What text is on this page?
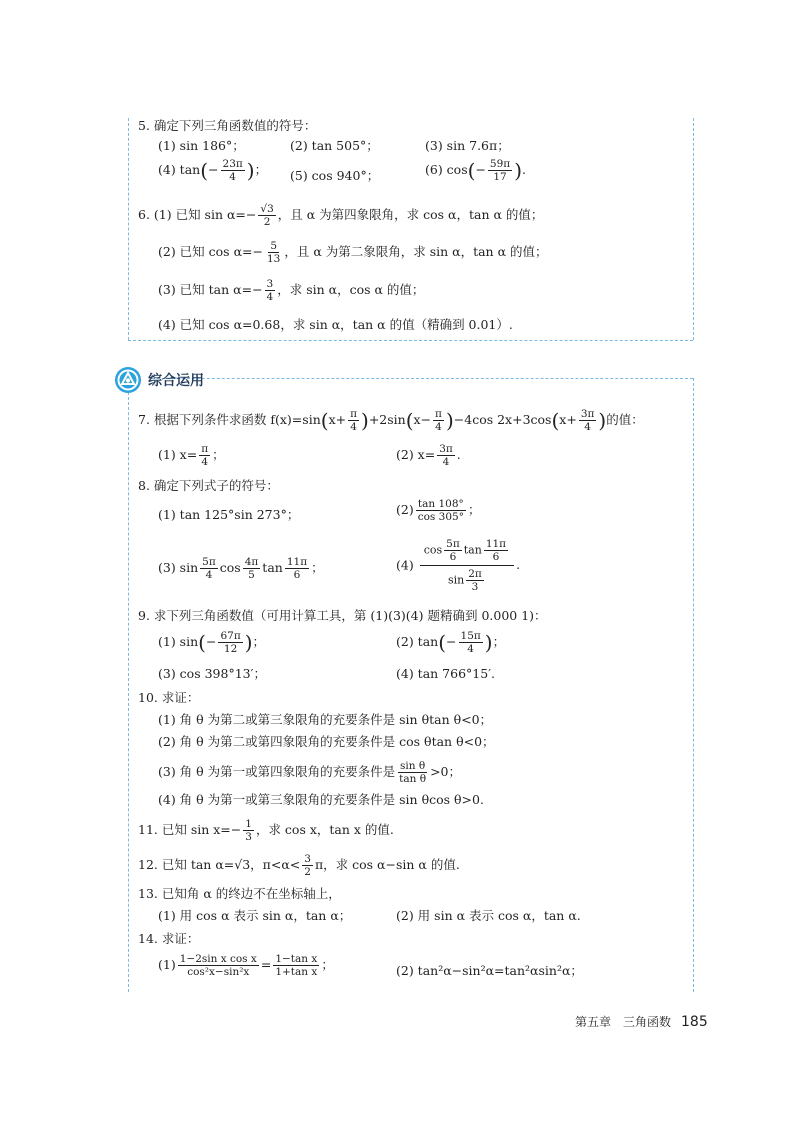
5. 确定下列三角函数值的符号：
(1) sin 186°；	(2) tan 505°；	(3) sin 7.6π；
(4) $\tan(- \frac{23\pi}{4}$ )； (5) cos 940°；	(6) $\cos(- \frac{59\pi}{17}$ ).
6. (1) 已知 $\sin \alpha=- \frac{√3}{2}$ ，且 α 为第四象限角，求 cos α，tan α 的值；
(2) 已知 $\cos \alpha=- \frac{5}{13}$ ，且 α 为第二象限角，求 sin α，tan α 的值；
(3) 已知 $\tan \alpha=- \frac{3}{4}$ ，求 sin α，cos α 的值；
(4) 已知 cos α=0.68，求 sin α，tan α 的值（精确到 0.01）.
综合运用
7. 根据下列条件求函数 $f(x)=\sin(x+ \frac{\pi}{4} )+2\sin(x- \frac{\pi}{4} )-4\cos$ $2x+3\cos(x+ \frac{3\pi}{4}$ )的值：
(1) $x= \frac{\pi}{4}$ ；	(2) $x= \frac{3\pi}{4}$ .
8. 确定下列式子的符号：
(1) tan 125°sin 273°；	$(2) \frac{\tan 108^\circ}{\cos 305^\circ}$ ；
(3) $\sin \frac{5\pi}{4}$ $\cos \frac{4\pi}{5}$ $\tan \frac{11\pi}{6}$ ；	$(4) \frac{\cos \frac{5\pi}{6} \tan \frac{11\pi}{6}}{\sin \frac{2\pi}{3}}$ .
9. 求下列三角函数值（可用计算工具，第 (1)(3)(4) 题精确到 0.000 1)：
(1) $\sin(- \frac{67\pi}{12}$ )；	(2) $\tan(- \frac{15\pi}{4}$ )；
(3) cos 398°13′；	(4) tan 766°15′.
10. 求证：
(1) 角 θ 为第二或第三象限角的充要条件是 sin θtan θ<0；
(2) 角 θ 为第二或第四象限角的充要条件是 cos θtan θ<0；
(3) 角 θ 为第一或第四象限角的充要条件是 $\frac{\text{sin θ}}{\text{tan θ}} >0$；
(4) 角 θ 为第一或第三象限角的充要条件是 sin θcos θ>0.
11. 已知 $\sin x=- \frac{1}{3}$ ，求 cos x，tan x 的值.
12. 已知 tan α=√3，$\pi<\alpha< \frac{3}{2}$ π，求 cos α−sin α 的值.
13. 已知角 α 的终边不在坐标轴上，
(1) 用 cos α 表示 sin α，tan α；	(2) 用 sin α 表示 cos α，tan α.
14. 求证：
$(1) \frac{\text{1−2sin x cos x}}{\text{cos²x−sin²x}} = \frac{\text{1−tan x}}{\text{1+tan x}}$ ；	(2) tan²α−sin²α=tan²αsin²α；
第五章　三角函数 185
